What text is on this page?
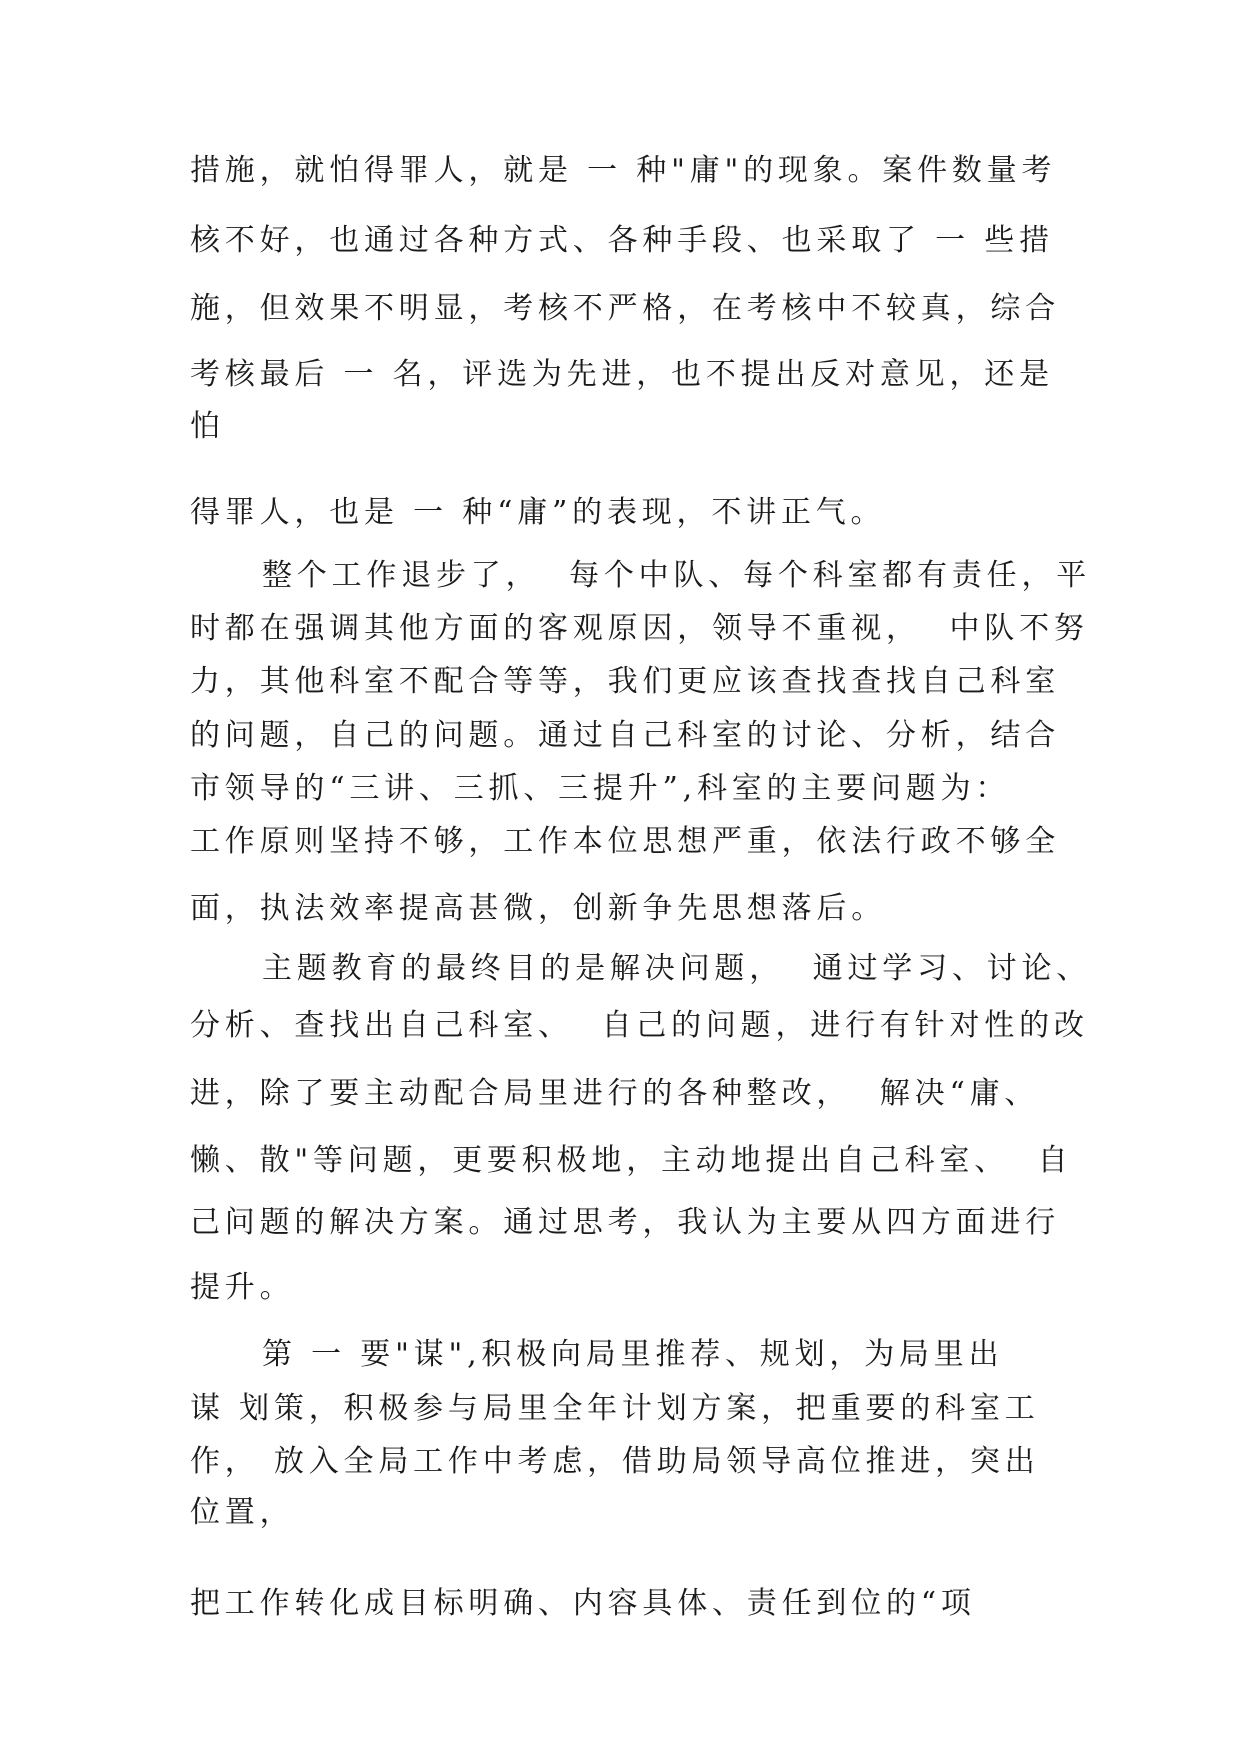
措施，就怕得罪人，就是 一 种"庸"的现象。案件数量考

核不好，也通过各种方式、各种手段、也采取了 一 些措

施，但效果不明显，考核不严格，在考核中不较真，综合

考核最后 一 名，评选为先进，也不提出反对意见，还是

怕

得罪人，也是 一 种“庸”的表现，不讲正气。

整个工作退步了，  每个中队、每个科室都有责任，平

时都在强调其他方面的客观原因，领导不重视，  中队不努

力，其他科室不配合等等，我们更应该查找查找自己科室

的问题，自己的问题。通过自己科室的讨论、分析，结合

市领导的“三讲、三抓、三提升”,科室的主要问题为：

工作原则坚持不够，工作本位思想严重，依法行政不够全

面，执法效率提高甚微，创新争先思想落后。

主题教育的最终目的是解决问题，  通过学习、讨论、

分析、查找出自己科室、  自己的问题，进行有针对性的改

进，除了要主动配合局里进行的各种整改，  解决“庸、

懒、散"等问题，更要积极地，主动地提出自己科室、  自

己问题的解决方案。通过思考，我认为主要从四方面进行

提升。

第 一 要"谋",积极向局里推荐、规划，为局里出

谋 划策，积极参与局里全年计划方案，把重要的科室工

作， 放入全局工作中考虑，借助局领导高位推进，突出

位置，

把工作转化成目标明确、内容具体、责任到位的“项
